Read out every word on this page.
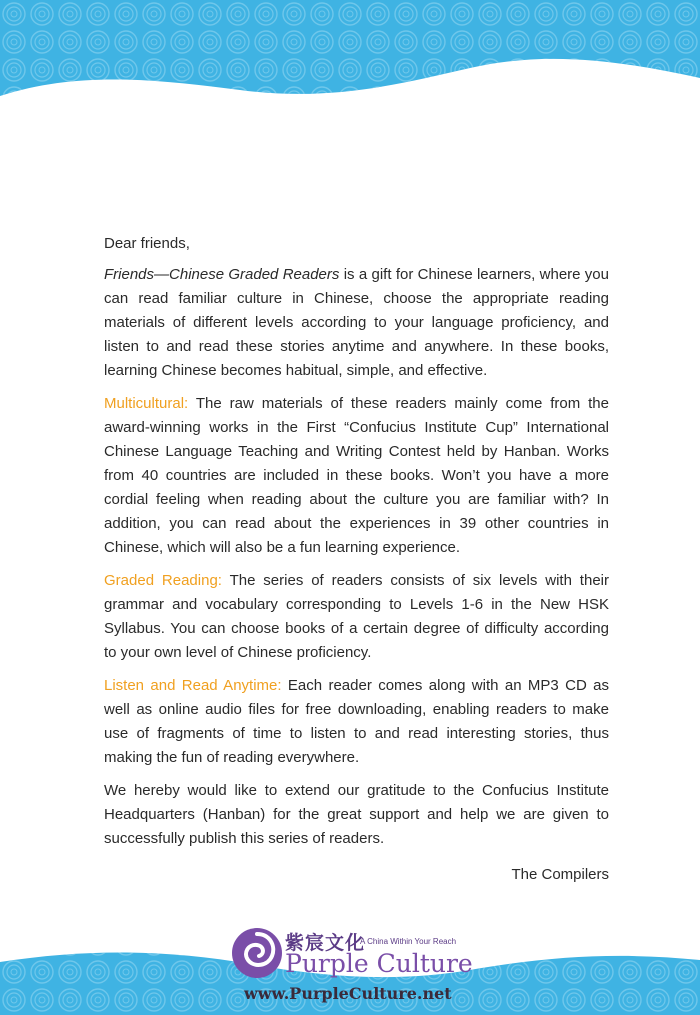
Dear friends,

Friends—Chinese Graded Readers is a gift for Chinese learners, where you can read familiar culture in Chinese, choose the appropriate reading materials of different levels according to your language proficiency, and listen to and read these stories anytime and anywhere. In these books, learning Chinese becomes habitual, simple, and effective.

Multicultural: The raw materials of these readers mainly come from the award-winning works in the First “Confucius Institute Cup” International Chinese Language Teaching and Writing Contest held by Hanban. Works from 40 countries are included in these books. Won’t you have a more cordial feeling when reading about the culture you are familiar with? In addition, you can read about the experiences in 39 other countries in Chinese, which will also be a fun learning experience.

Graded Reading: The series of readers consists of six levels with their grammar and vocabulary corresponding to Levels 1-6 in the New HSK Syllabus. You can choose books of a certain degree of difficulty according to your own level of Chinese proficiency.

Listen and Read Anytime: Each reader comes along with an MP3 CD as well as online audio files for free downloading, enabling readers to make use of fragments of time to listen to and read interesting stories, thus making the fun of reading everywhere.

We hereby would like to extend our gratitude to the Confucius Institute Headquarters (Hanban) for the great support and help we are given to successfully publish this series of readers.

The Compilers

紫宸文化
A China Within Your Reach
Purple Culture
www.PurpleCulture.net
